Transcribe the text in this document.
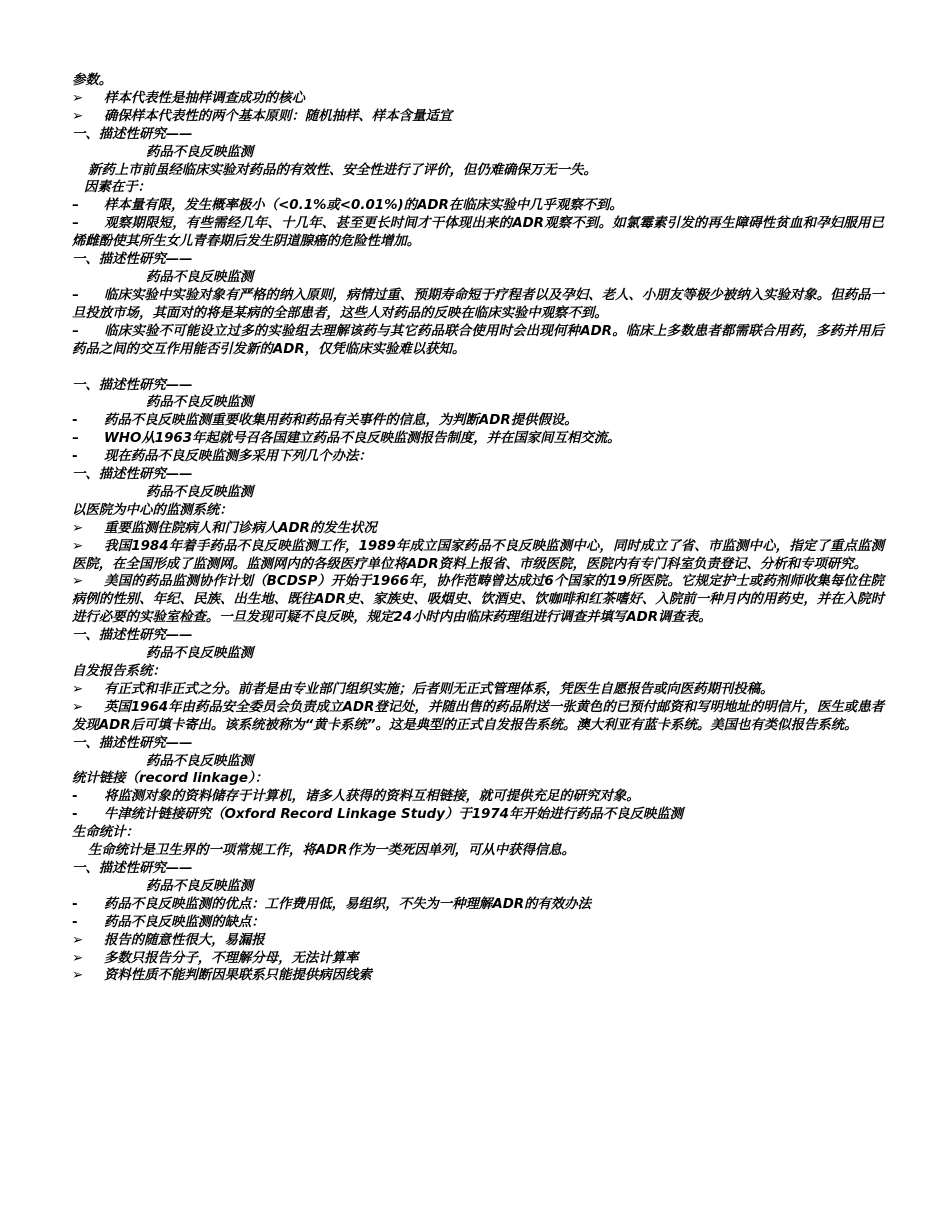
参数。
➢	样本代表性是抽样调查成功的核心
➢	确保样本代表性的两个基本原则：随机抽样、样本含量适宜
一、描述性研究——
药品不良反映监测
新药上市前虽经临床实验对药品的有效性、安全性进行了评价，但仍难确保万无一失。
因素在于：
–	样本量有限，发生概率极小（<0.1%或<0.01%)的ADR在临床实验中几乎观察不到。
– 观察期限短，有些需经几年、十几年、甚至更长时间才干体现出来的ADR观察不到。如氯霉素引发的再生障碍性贫血和孕妇服用已烯雌酚使其所生女儿青春期后发生阴道腺癌的危险性增加。
一、描述性研究——
药品不良反映监测
– 临床实验中实验对象有严格的纳入原则，病情过重、预期寿命短于疗程者以及孕妇、老人、小朋友等极少被纳入实验对象。但药品一旦投放市场，其面对的将是某病的全部患者，这些人对药品的反映在临床实验中观察不到。
– 临床实验不可能设立过多的实验组去理解该药与其它药品联合使用时会出现何种ADR。临床上多数患者都需联合用药，多药并用后药品之间的交互作用能否引发新的ADR，仅凭临床实验难以获知。
一、描述性研究——
药品不良反映监测
-	药品不良反映监测重要收集用药和药品有关事件的信息，为判断ADR提供假设。
–	WHO从1963年起就号召各国建立药品不良反映监测报告制度，并在国家间互相交流。
-	现在药品不良反映监测多采用下列几个办法：
一、描述性研究——
药品不良反映监测
以医院为中心的监测系统：
➢	重要监测住院病人和门诊病人ADR的发生状况
➢ 我国1984年着手药品不良反映监测工作，1989年成立国家药品不良反映监测中心，同时成立了省、市监测中心，指定了重点监测医院，在全国形成了监测网。监测网内的各级医疗单位将ADR资料上报省、市级医院，医院内有专门科室负责登记、分析和专项研究。
➢ 美国的药品监测协作计划（BCDSP）开始于1966年，协作范畴曾达成过6个国家的19所医院。它规定护士或药剂师收集每位住院病例的性别、年纪、民族、出生地、既往ADR史、家族史、吸烟史、饮酒史、饮咖啡和红茶嗜好、入院前一种月内的用药史，并在入院时进行必要的实验室检查。一旦发现可疑不良反映，规定24小时内由临床药理组进行调查并填写ADR调查表。
一、描述性研究——
药品不良反映监测
自发报告系统：
➢ 有正式和非正式之分。前者是由专业部门组织实施；后者则无正式管理体系，凭医生自愿报告或向医药期刊投稿。
➢ 英国1964年由药品安全委员会负责成立ADR登记处，并随出售的药品附送一张黄色的已预付邮资和写明地址的明信片，医生或患者发现ADR后可填卡寄出。该系统被称为“黄卡系统”。这是典型的正式自发报告系统。澳大利亚有蓝卡系统。美国也有类似报告系统。
一、描述性研究——
药品不良反映监测
统计链接（record linkage）：
-	将监测对象的资料储存于计算机，诸多人获得的资料互相链接，就可提供充足的研究对象。
-	牛津统计链接研究（Oxford Record Linkage Study）于1974年开始进行药品不良反映监测
生命统计：
生命统计是卫生界的一项常规工作，将ADR作为一类死因单列，可从中获得信息。
一、描述性研究——
药品不良反映监测
-	药品不良反映监测的优点：工作费用低，易组织，不失为一种理解ADR的有效办法
-	药品不良反映监测的缺点：
➢	报告的随意性很大，易漏报
➢	多数只报告分子，不理解分母，无法计算率
➢	资料性质不能判断因果联系只能提供病因线索
